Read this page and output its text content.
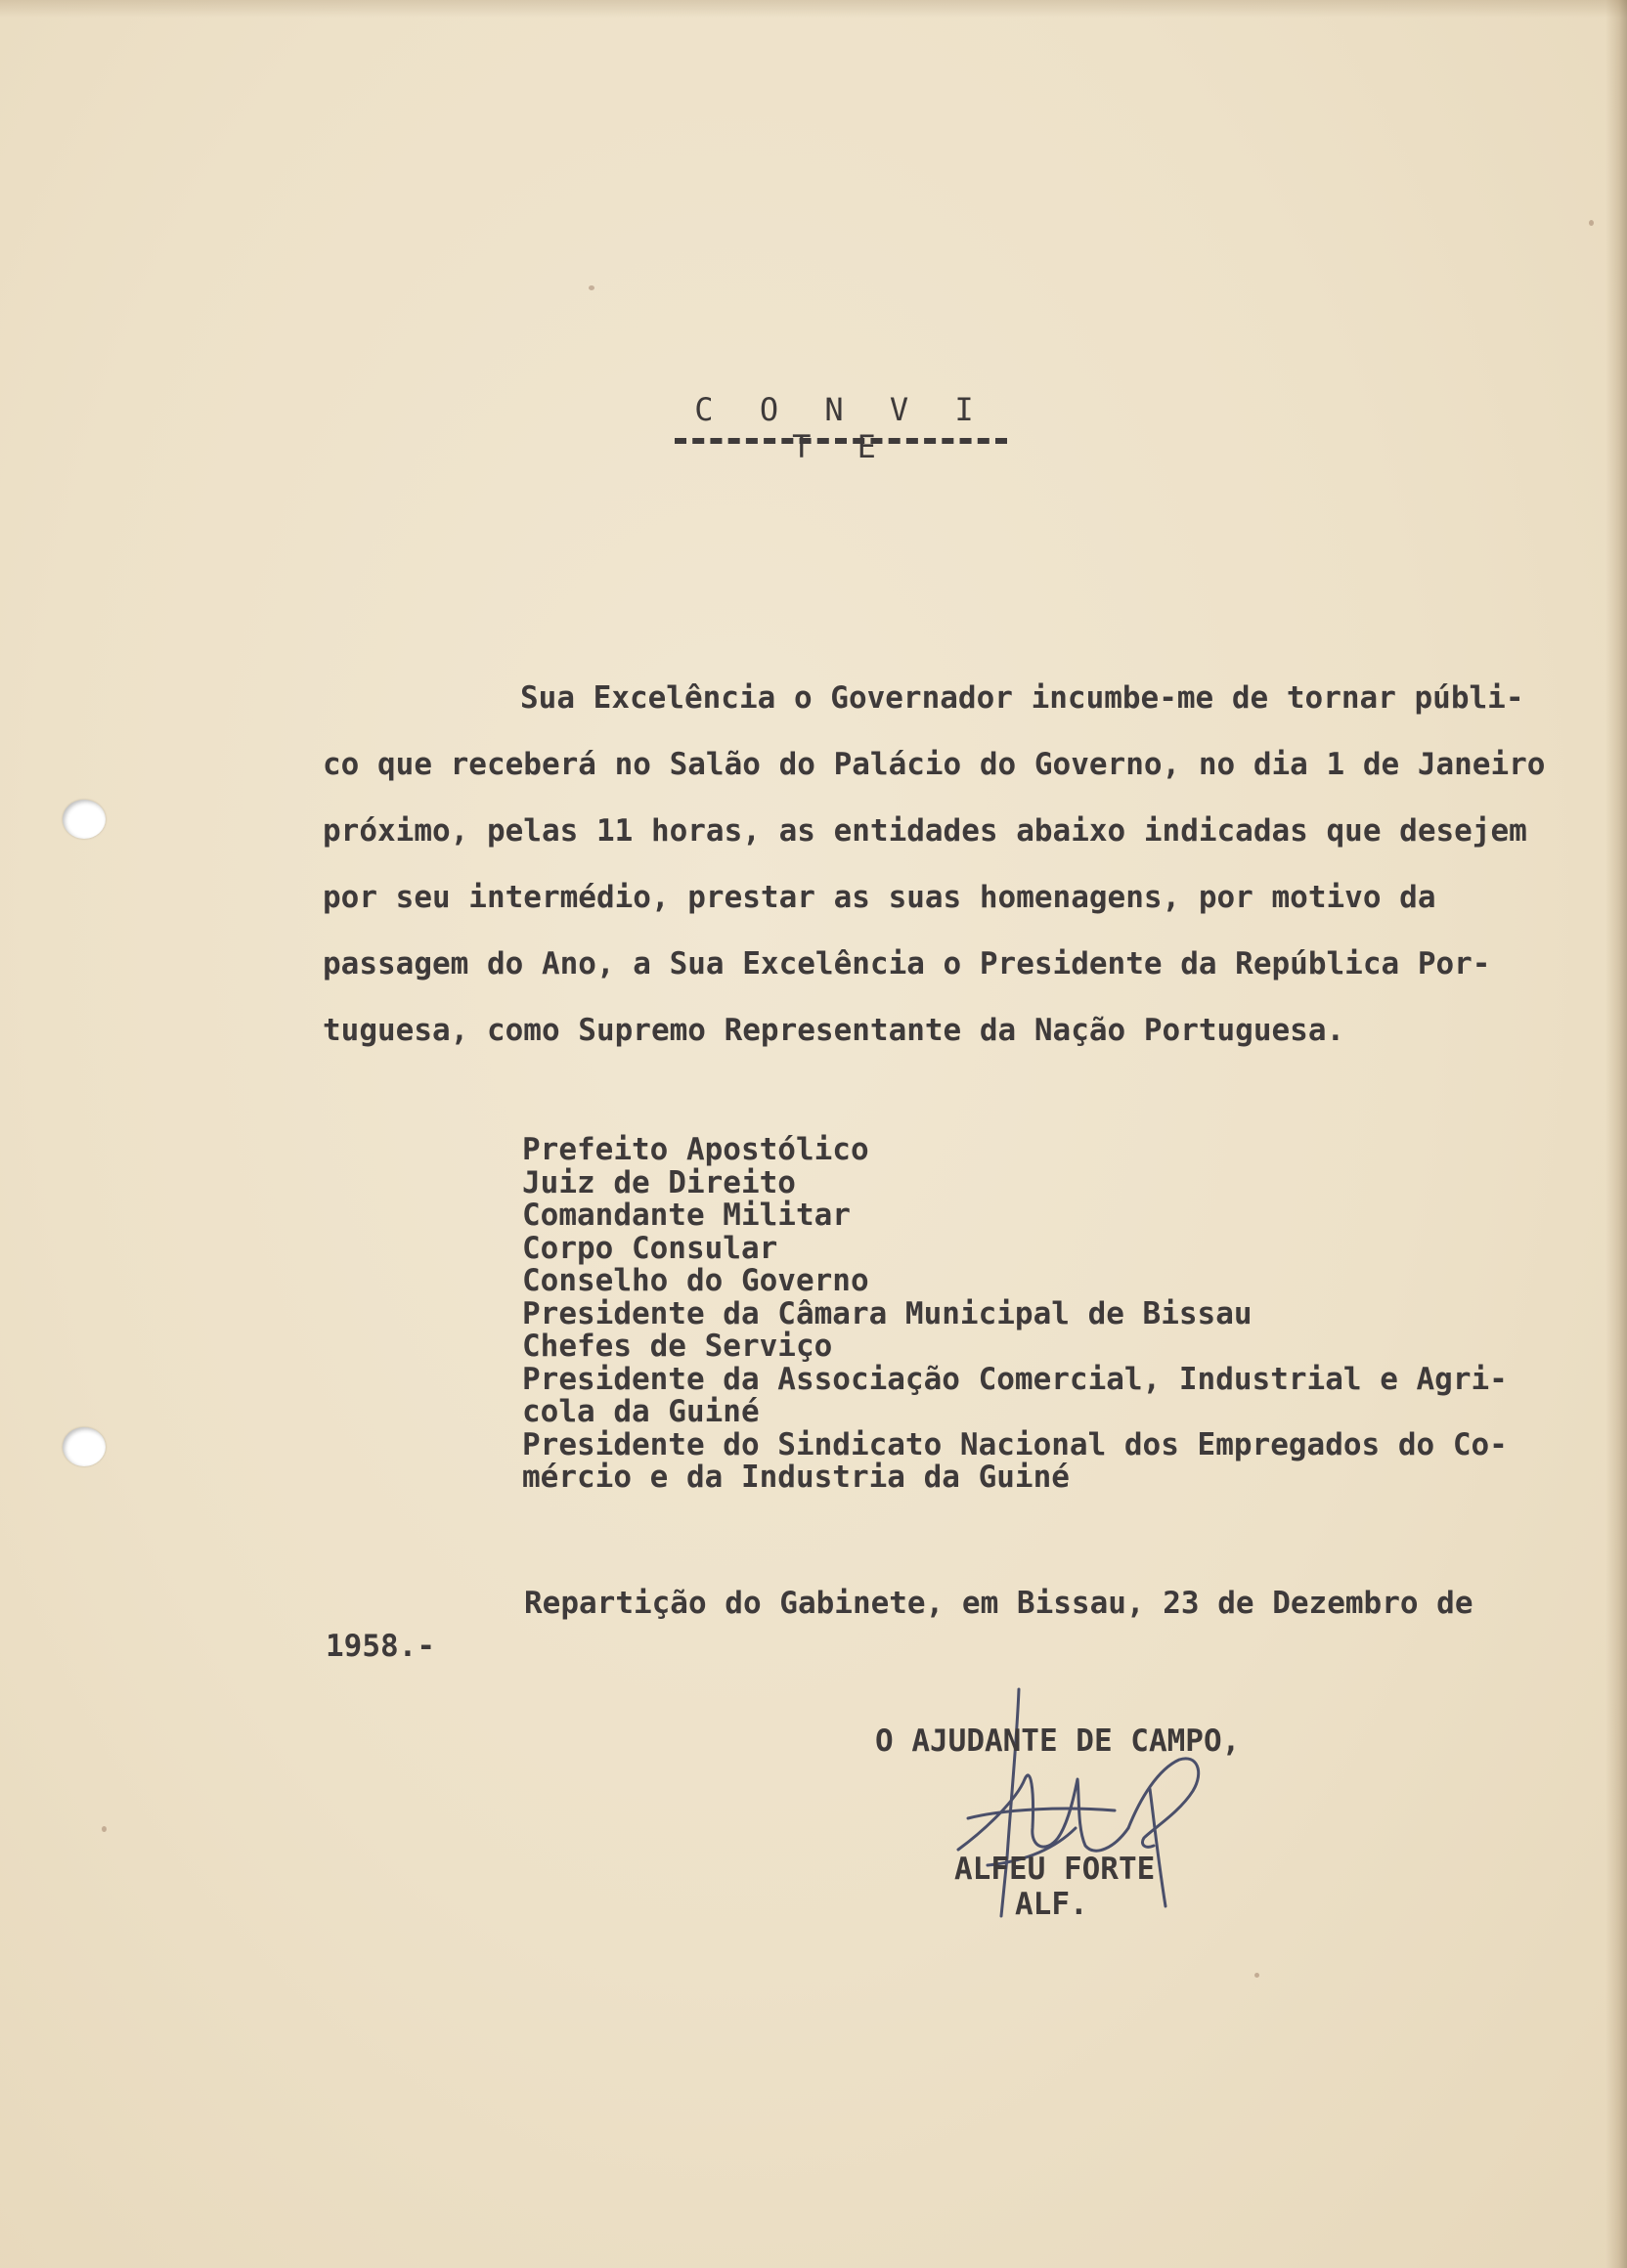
C O N V I T E
Sua Excelência o Governador incumbe-me de tornar públi-
co que receberá no Salão do Palácio do Governo, no dia 1 de Janeiro
próximo, pelas 11 horas, as entidades abaixo indicadas que desejem
por seu intermédio, prestar as suas homenagens, por motivo da
passagem do Ano, a Sua Excelência o Presidente da República Por-
tuguesa, como Supremo Representante da Nação Portuguesa.
Prefeito Apostólico
Juiz de Direito
Comandante Militar
Corpo Consular
Conselho do Governo
Presidente da Câmara Municipal de Bissau
Chefes de Serviço
Presidente da Associação Comercial, Industrial e Agri-
cola da Guiné
Presidente do Sindicato Nacional dos Empregados do Co-
mércio e da Industria da Guiné
Repartição do Gabinete, em Bissau, 23 de Dezembro de
1958.-
O AJUDANTE DE CAMPO,
ALFEU FORTE
ALF.
